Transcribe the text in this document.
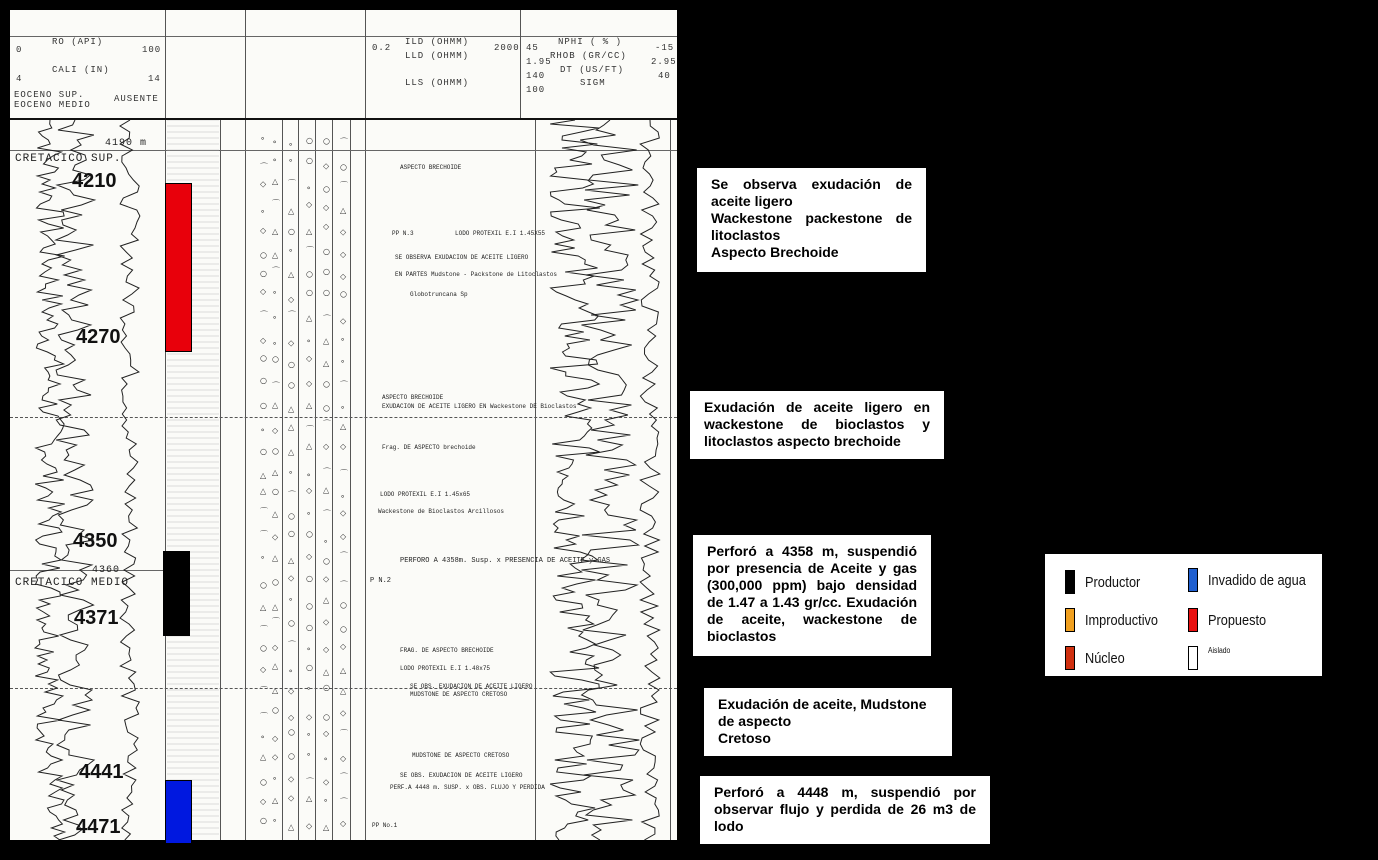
RO (API)
CALI (IN)
0	100
4	14
EOCENO SUP.
EOCENO MEDIO
AUSENTE
ILD (OHMM)
LLD (OHMM)
LLS (OHMM)
0.2	2000
NPHI ( % )
RHOB (GR/CC)
DT (US/FT)
SIGM
45	-15
1.95	2.95
140	40
100
∘ ∘ ∘ ○ ○ ⌒
⌒
∘ ∘ ○
◇ ○
◇ △ ⌒ ∘ ○ ⌒
∘
⌒
△
◇ ◇ △
◇ △ ○ △
◇
◇
○ △ ∘ ⌒ ○ ◇
○ ⌒ △ ○ ○
◇
◇ ∘
◇
○ ○ ○
⌒ ∘ ⌒ △ ⌒ ◇
◇ ∘ ◇ ∘ △ ∘
○ ○
○
◇
△ ∘
○
⌒ ○ ◇ ○ ⌒
○ △ △ △ ○ ∘
∘ ◇ △ ⌒
⌒ △
○ ○ △
△ ◇ ◇
△ △ ∘ ∘ ⌒ ⌒
△ ○ ⌒
◇ △
∘
⌒ △ ○ ∘ ⌒ ◇
⌒ ◇ ○ ○
∘
◇
∘ △ △ ◇
○
⌒
○ ○ ◇ ○ ◇
⌒
△ △
∘
○
△
○
⌒
⌒ ○
○
◇
○
○ ◇ ⌒ ∘ ◇ ◇
◇ △
∘ ○
△ △
⌒ △ ◇ ∘ ○ △
⌒
○
◇ ◇ ○ ◇
∘ ◇
○ ∘ ◇ ⌒
△ ◇ ○ ∘ ∘ ◇
○ ∘ ◇ ⌒ ◇
⌒
◇ △ ◇ △ ∘ ⌒
○ ∘
△ ◇ △ ◇
CRETACICO SUP.
CRETACICO MEDIO
4190 m
4360
ASPECTO BRECHOIDE
PP N.3	LODO PROTEXIL E.I 1.45X55
SE OBSERVA EXUDACION DE ACEITE LIGERO
EN PARTES Mudstone - Packstone de Litoclastos
Globotruncana Sp
ASPECTO BRECHOIDE
EXUDACION DE ACEITE LIGERO EN Wackestone DE Bioclastos
Frag. DE ASPECTO brechoide
LODO PROTEXIL E.I 1.45x65
Wackestone de Bioclastos Arcillosos
PERFORO A 4358m. Susp. x PRESENCIA DE ACEITE y GAS
P N.2
FRAG. DE ASPECTO BRECHOIDE
LODO PROTEXIL E.I 1.48x75
SE OBS. EXUDACION DE ACEITE LIGERO
MUDSTONE DE ASPECTO CRETOSO
MUDSTONE DE ASPECTO CRETOSO
SE OBS. EXUDACION DE ACEITE LIGERO
PERF.A 4448 m. SUSP. x OBS. FLUJO Y PERDIDA
PP No.1
4210
4270
4350
4371
4441
4471
Se observa exudación de aceite ligero
Wackestone packestone de litoclastos
Aspecto Brechoide
Exudación de aceite ligero en wackestone de bioclastos y litoclastos aspecto brechoide
Perforó a 4358 m, suspendió por presencia de Aceite y gas (300,000 ppm) bajo densidad de 1.47 a 1.43 gr/cc. Exudación de aceite, wackestone de bioclastos
Exudación de aceite, Mudstone de aspecto
Cretoso
Perforó a 4448 m, suspendió por observar flujo y perdida de 26 m3 de lodo
Productor	Invadido de agua
Improductivo	Propuesto
Núcleo	Aislado
